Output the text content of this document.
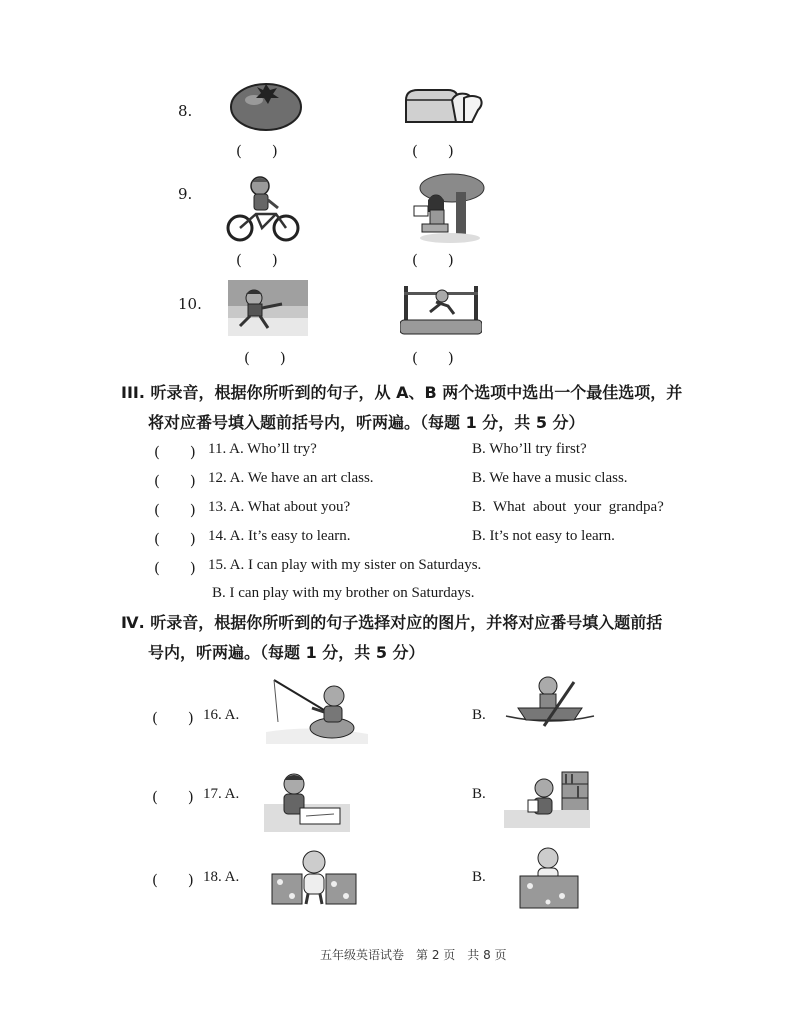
8.
(　　)	(　　)
9.
(　　)	(　　)
10.
(　　)	(　　)
III. 听录音，根据你所听到的句子，从 A、B 两个选项中选出一个最佳选项，并
将对应番号填入题前括号内，听两遍。（每题 1 分，共 5 分）
(　　) 11. A. Who’ll try?	B. Who’ll try first?
(　　) 12. A. We have an art class.	B. We have a music class.
(　　) 13. A. What about you?	B.  What  about  your  grandpa?
(　　) 14. A. It’s easy to learn.	B. It’s not easy to learn.
(　　) 15. A. I can play with my sister on Saturdays.
B. I can play with my brother on Saturdays.
Ⅳ. 听录音，根据你所听到的句子选择对应的图片，并将对应番号填入题前括
号内，听两遍。（每题 1 分，共 5 分）
(　　) 16. A.	B.
(　　) 17. A.	B.
(　　) 18. A.	B.
五年级英语试卷　第 2 页　共 8 页
